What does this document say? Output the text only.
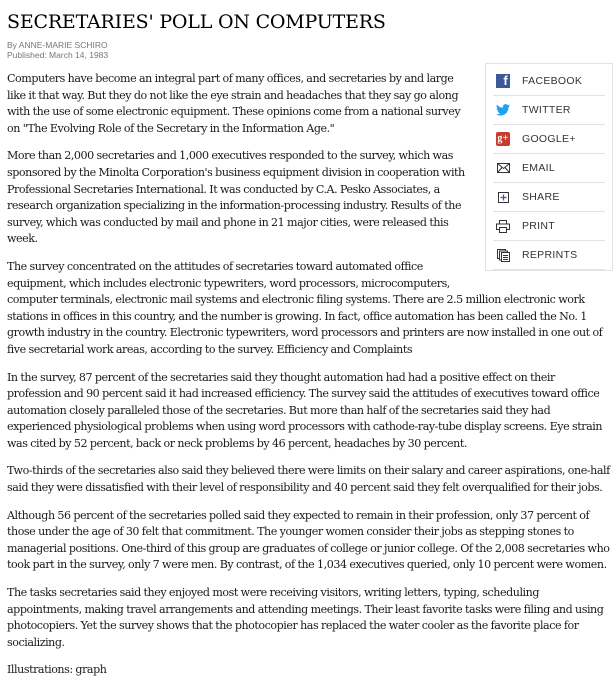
SECRETARIES' POLL ON COMPUTERS
By ANNE-MARIE SCHIRO
Published: March 14, 1983
f FACEBOOK
TWITTER
g+ GOOGLE+
EMAIL
SHARE
PRINT
REPRINTS

Computers have become an integral part of many offices, and secretaries by and large like it that way. But they do not like the eye strain and headaches that they say go along with the use of some electronic equipment. These opinions come from a national survey on "The Evolving Role of the Secretary in the Information Age."

More than 2,000 secretaries and 1,000 executives responded to the survey, which was sponsored by the Minolta Corporation's business equipment division in cooperation with Professional Secretaries International. It was conducted by C.A. Pesko Associates, a research organization specializing in the information-processing industry. Results of the survey, which was conducted by mail and phone in 21 major cities, were released this week.

The survey concentrated on the attitudes of secretaries toward automated office equipment, which includes electronic typewriters, word processors, microcomputers, computer terminals, electronic mail systems and electronic filing systems. There are 2.5 million electronic work stations in offices in this country, and the number is growing. In fact, office automation has been called the No. 1 growth industry in the country. Electronic typewriters, word processors and printers are now installed in one out of five secretarial work areas, according to the survey. Efficiency and Complaints

In the survey, 87 percent of the secretaries said they thought automation had had a positive effect on their profession and 90 percent said it had increased efficiency. The survey said the attitudes of executives toward office automation closely paralleled those of the secretaries. But more than half of the secretaries said they had experienced physiological problems when using word processors with cathode-ray-tube display screens. Eye strain was cited by 52 percent, back or neck problems by 46 percent, headaches by 30 percent.

Two-thirds of the secretaries also said they believed there were limits on their salary and career aspirations, one-half said they were dissatisfied with their level of responsibility and 40 percent said they felt overqualified for their jobs.

Although 56 percent of the secretaries polled said they expected to remain in their profession, only 37 percent of those under the age of 30 felt that commitment. The younger women consider their jobs as stepping stones to managerial positions. One-third of this group are graduates of college or junior college. Of the 2,008 secretaries who took part in the survey, only 7 were men. By contrast, of the 1,034 executives queried, only 10 percent were women.

The tasks secretaries said they enjoyed most were receiving visitors, writing letters, typing, scheduling appointments, making travel arrangements and attending meetings. Their least favorite tasks were filing and using photocopiers. Yet the survey shows that the photocopier has replaced the water cooler as the favorite place for socializing.

Illustrations: graph
